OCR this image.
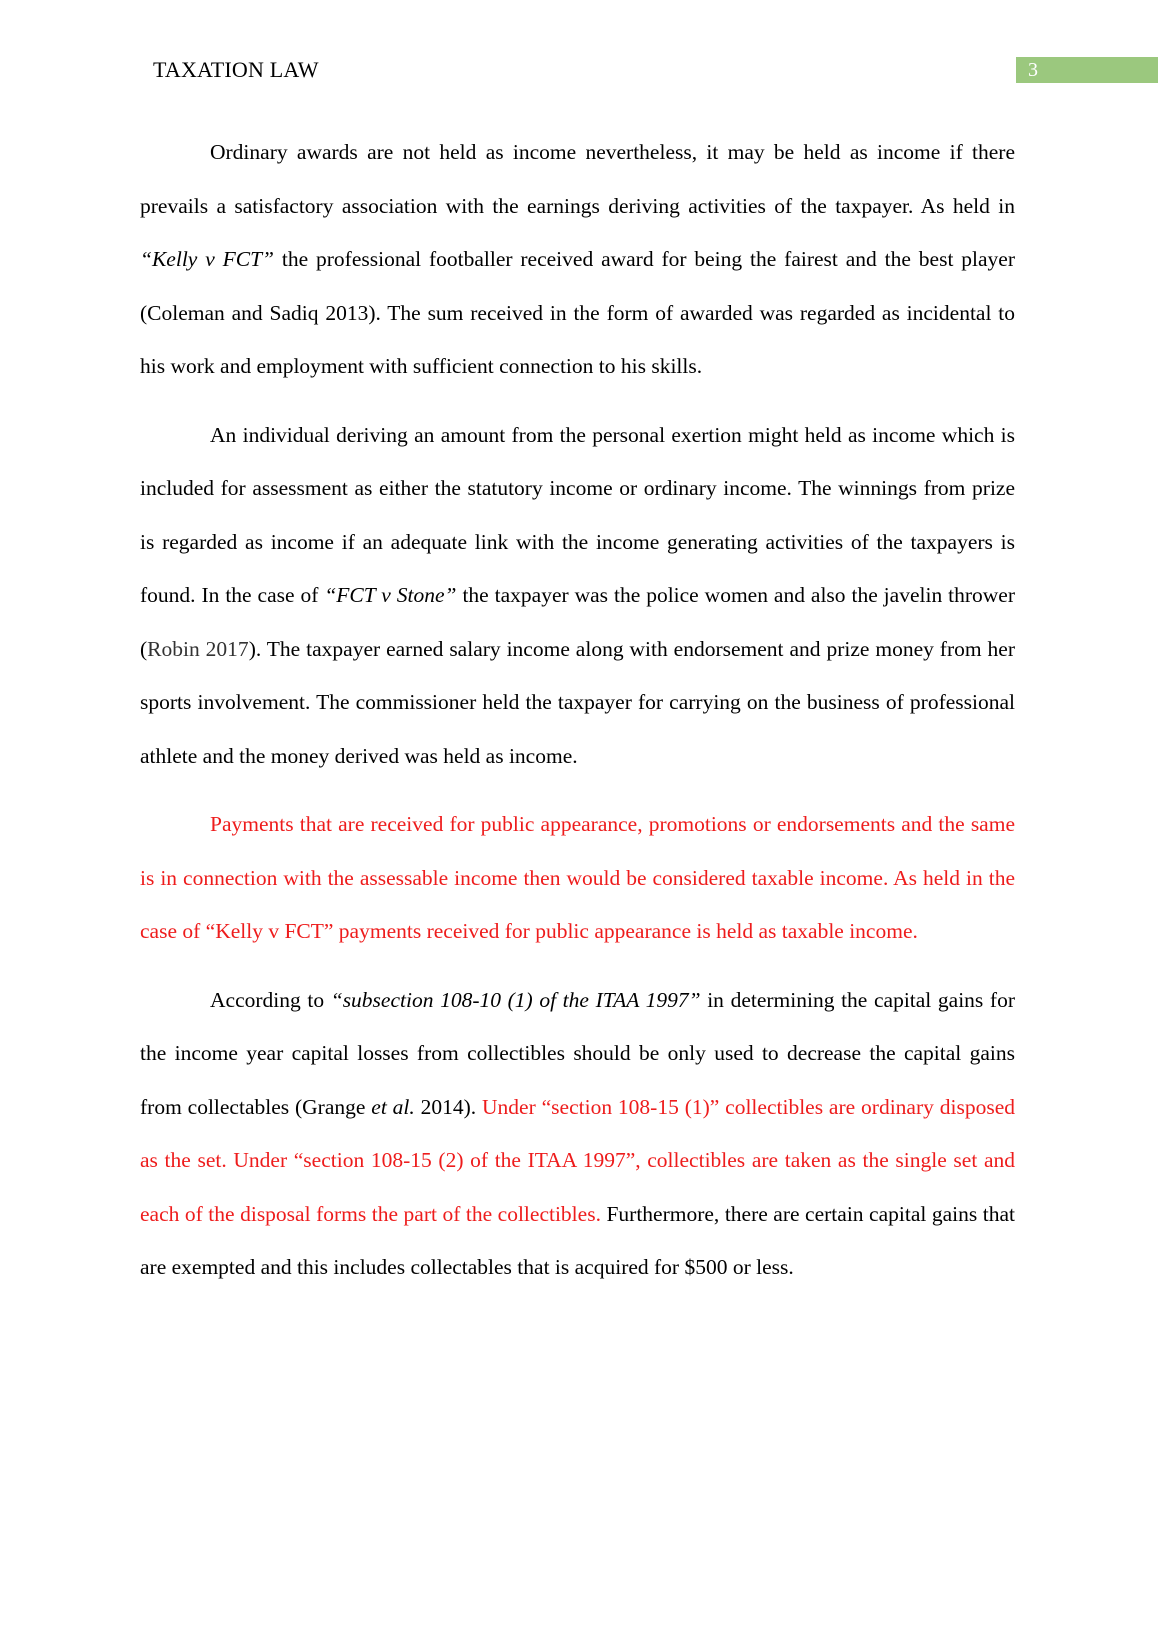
TAXATION LAW	3

Ordinary awards are not held as income nevertheless, it may be held as income if there prevails a satisfactory association with the earnings deriving activities of the taxpayer. As held in “Kelly v FCT” the professional footballer received award for being the fairest and the best player (Coleman and Sadiq 2013). The sum received in the form of awarded was regarded as incidental to his work and employment with sufficient connection to his skills.

An individual deriving an amount from the personal exertion might held as income which is included for assessment as either the statutory income or ordinary income. The winnings from prize is regarded as income if an adequate link with the income generating activities of the taxpayers is found. In the case of “FCT v Stone” the taxpayer was the police women and also the javelin thrower (Robin 2017). The taxpayer earned salary income along with endorsement and prize money from her sports involvement. The commissioner held the taxpayer for carrying on the business of professional athlete and the money derived was held as income.

Payments that are received for public appearance, promotions or endorsements and the same is in connection with the assessable income then would be considered taxable income. As held in the case of “Kelly v FCT” payments received for public appearance is held as taxable income.

According to “subsection 108-10 (1) of the ITAA 1997” in determining the capital gains for the income year capital losses from collectibles should be only used to decrease the capital gains from collectables (Grange et al. 2014). Under “section 108-15 (1)” collectibles are ordinary disposed as the set. Under “section 108-15 (2) of the ITAA 1997”, collectibles are taken as the single set and each of the disposal forms the part of the collectibles. Furthermore, there are certain capital gains that are exempted and this includes collectables that is acquired for $500 or less.
